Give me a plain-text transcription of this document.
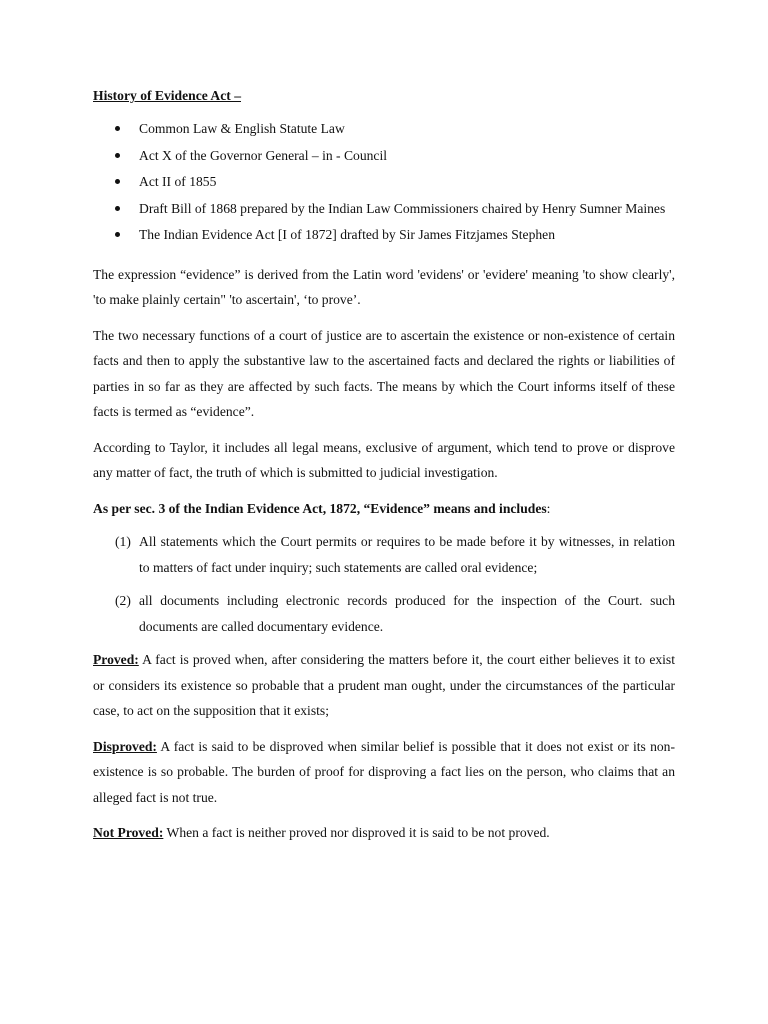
History of Evidence Act –
Common Law & English Statute Law
Act X of the Governor General – in - Council
Act II of 1855
Draft Bill of 1868 prepared by the Indian Law Commissioners chaired by Henry Sumner Maines
The Indian Evidence Act [I of 1872] drafted by Sir James Fitzjames Stephen

The expression “evidence” is derived from the Latin word 'evidens' or 'evidere' meaning 'to show clearly', 'to make plainly certain" 'to ascertain', ‘to prove’.

The two necessary functions of a court of justice are to ascertain the existence or non-existence of certain facts and then to apply the substantive law to the ascertained facts and declared the rights or liabilities of parties in so far as they are affected by such facts. The means by which the Court informs itself of these facts is termed as “evidence”.

According to Taylor, it includes all legal means, exclusive of argument, which tend to prove or disprove any matter of fact, the truth of which is submitted to judicial investigation.

As per sec. 3 of the Indian Evidence Act, 1872, “Evidence” means and includes:

(1) All statements which the Court permits or requires to be made before it by witnesses, in relation to matters of fact under inquiry; such statements are called oral evidence;
(2) all documents including electronic records produced for the inspection of the Court. such documents are called documentary evidence.

Proved: A fact is proved when, after considering the matters before it, the court either believes it to exist or considers its existence so probable that a prudent man ought, under the circumstances of the particular case, to act on the supposition that it exists;

Disproved: A fact is said to be disproved when similar belief is possible that it does not exist or its non-existence is so probable. The burden of proof for disproving a fact lies on the person, who claims that an alleged fact is not true.

Not Proved: When a fact is neither proved nor disproved it is said to be not proved.
